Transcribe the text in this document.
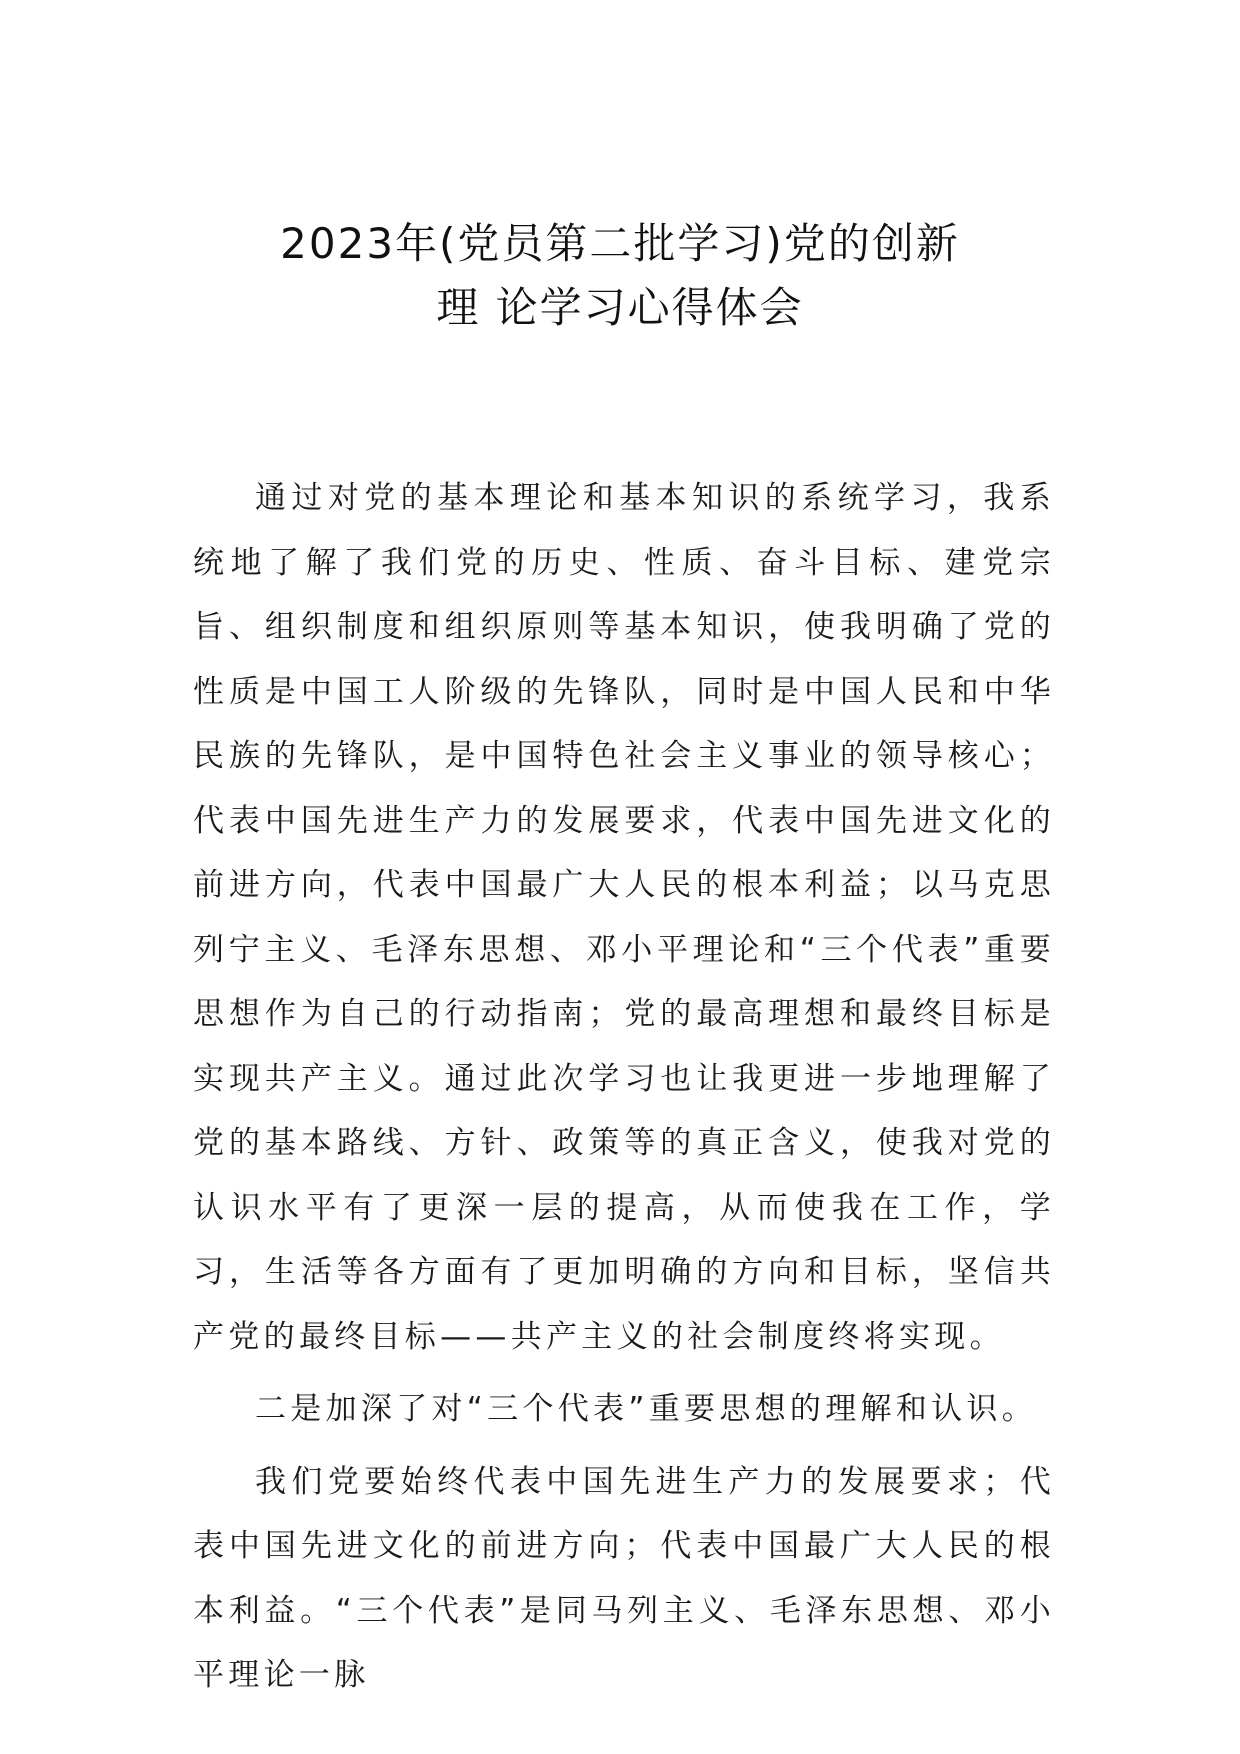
2023年(党员第二批学习)党的创新
理 论学习心得体会

通过对党的基本理论和基本知识的系统学习，我系统地了解了我们党的历史、性质、奋斗目标、建党宗旨、组织制度和组织原则等基本知识，使我明确了党的性质是中国工人阶级的先锋队，同时是中国人民和中华民族的先锋队，是中国特色社会主义事业的领导核心；代表中国先进生产力的发展要求，代表中国先进文化的前进方向，代表中国最广大人民的根本利益；以马克思列宁主义、毛泽东思想、邓小平理论和“三个代表”重要思想作为自己的行动指南；党的最高理想和最终目标是实现共产主义。通过此次学习也让我更进一步地理解了党的基本路线、方针、政策等的真正含义，使我对党的认识水平有了更深一层的提高，从而使我在工作，学习，生活等各方面有了更加明确的方向和目标，坚信共产党的最终目标——共产主义的社会制度终将实现。

二是加深了对“三个代表”重要思想的理解和认识。

我们党要始终代表中国先进生产力的发展要求；代表中国先进文化的前进方向；代表中国最广大人民的根本利益。“三个代表”是同马列主义、毛泽东思想、邓小平理论一脉
